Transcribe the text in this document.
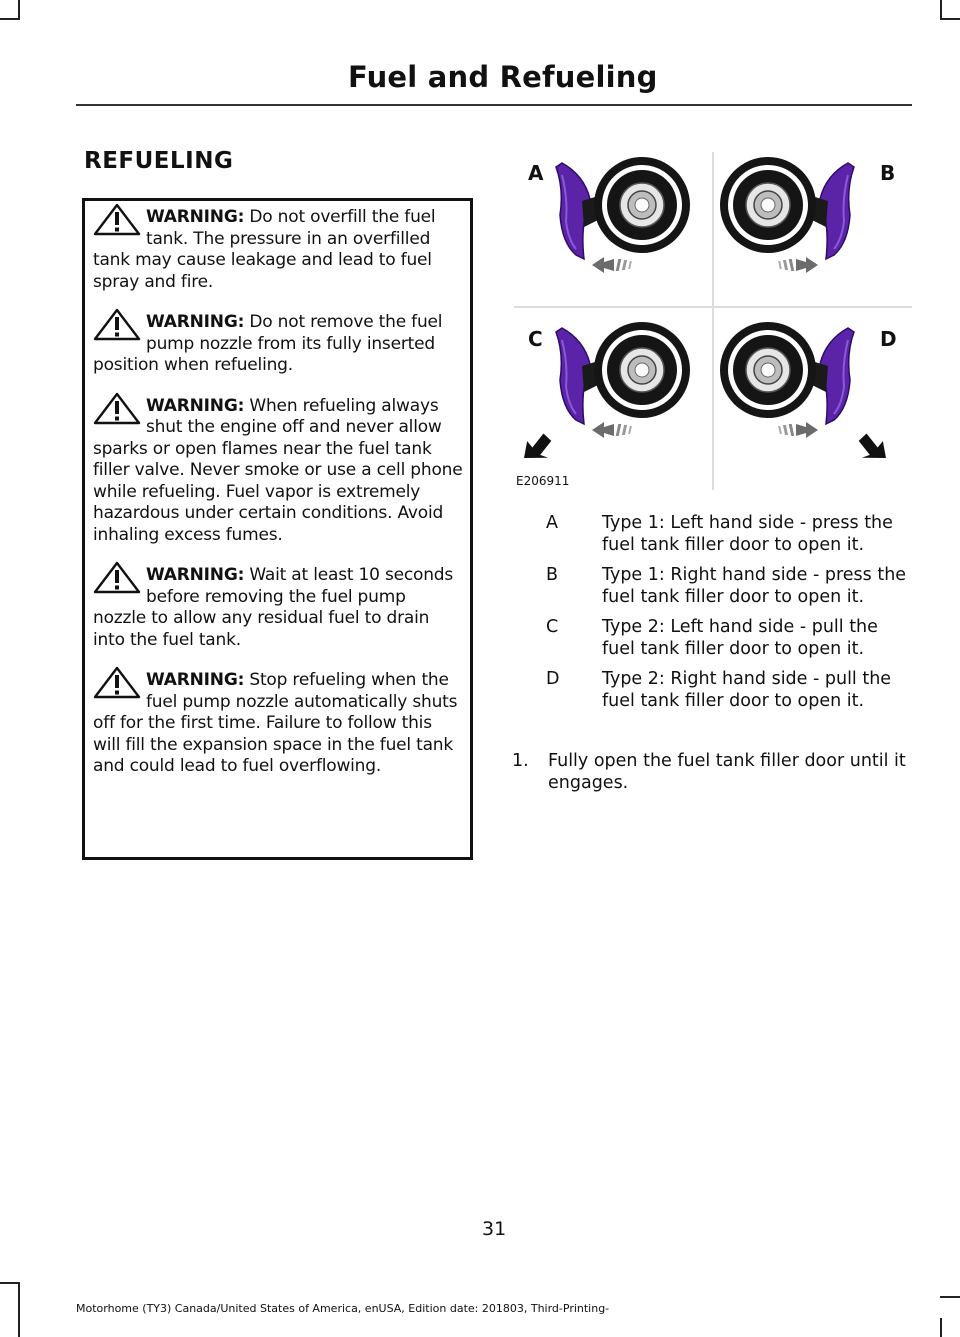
Fuel and Refueling
REFUELING
WARNING: Do not overfill the fuel tank. The pressure in an overfilled tank may cause leakage and lead to fuel spray and fire.
WARNING: Do not remove the fuel pump nozzle from its fully inserted position when refueling.
WARNING: When refueling always shut the engine off and never allow sparks or open flames near the fuel tank filler valve. Never smoke or use a cell phone while refueling. Fuel vapor is extremely hazardous under certain conditions. Avoid inhaling excess fumes.
WARNING: Wait at least 10 seconds before removing the fuel pump nozzle to allow any residual fuel to drain into the fuel tank.
WARNING: Stop refueling when the fuel pump nozzle automatically shuts off for the first time. Failure to follow this will fill the expansion space in the fuel tank and could lead to fuel overflowing.
A	B
C	D
E206911
A	Type 1: Left hand side - press the fuel tank filler door to open it.
B	Type 1: Right hand side - press the fuel tank filler door to open it.
C	Type 2: Left hand side - pull the fuel tank filler door to open it.
D Type 2: Right hand side - pull the fuel tank filler door to open it.
1. Fully open the fuel tank filler door until it engages.
31
Motorhome (TY3) Canada/United States of America, enUSA, Edition date: 201803, Third-Printing-
